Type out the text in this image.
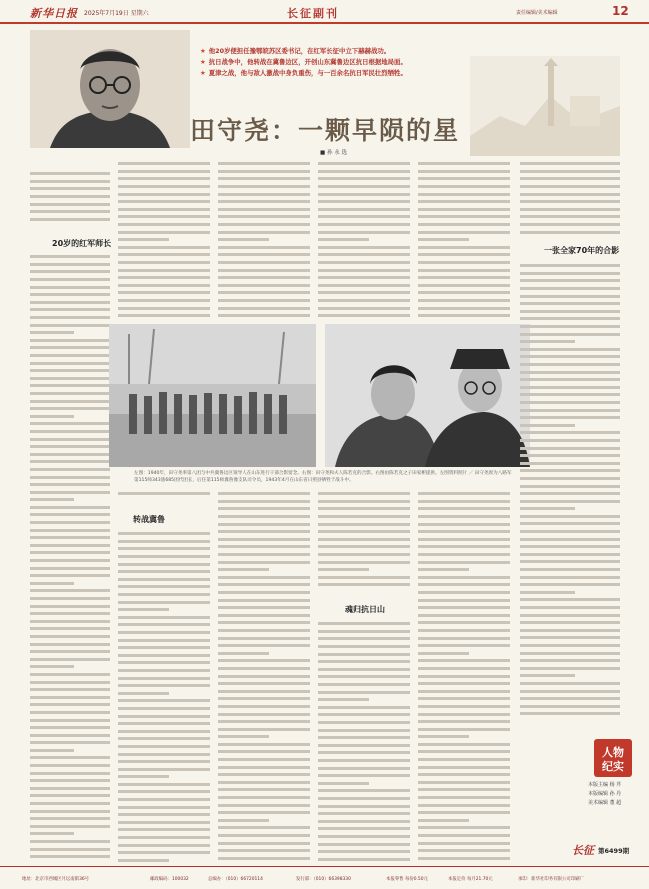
新华日报 2025年7月19日 星期六	长征副刊	责任编辑/美术编辑	12
★ 他20岁便担任豫鄂皖苏区委书记，在红军长征中立下赫赫战功。
★ 抗日战争中，他转战在冀鲁边区，开创山东冀鲁边区抗日根据地局面。
★ 夏津之战，他与敌人激战中身负重伤，与一百余名抗日军民壮烈牺牲。
田守尧：一颗早陨的星
■ 孙 永 选
20岁的红军师长
左图：1940年，田守尧率第八团与中共冀鲁边区领导人在山东进行干部合影留念。右图：田守尧和夫人陈若克的合影。右图由陈若克之子田家彬提供。左图资料照片 ／ 田守尧原为八路军第115师343旅685团代团长，后任第115师冀鲁豫支队司令员，1943年4月在山东省日照县牺牲于战斗中。
转战冀鲁
魂归抗日山
一张全家70年的合影
人物
纪实
本版主编 杨 芹
本版编辑 孙 丹
美术编辑 董 超
长征 第6499期
地址：北京市西城区月坛南街36号	邮政编码：100032	总编办：（010）66720114	发行部：（010）66398330	本报零售 每份0.50元	本报定价 每月21.70元	承印：新华社印务有限公司印刷厂
